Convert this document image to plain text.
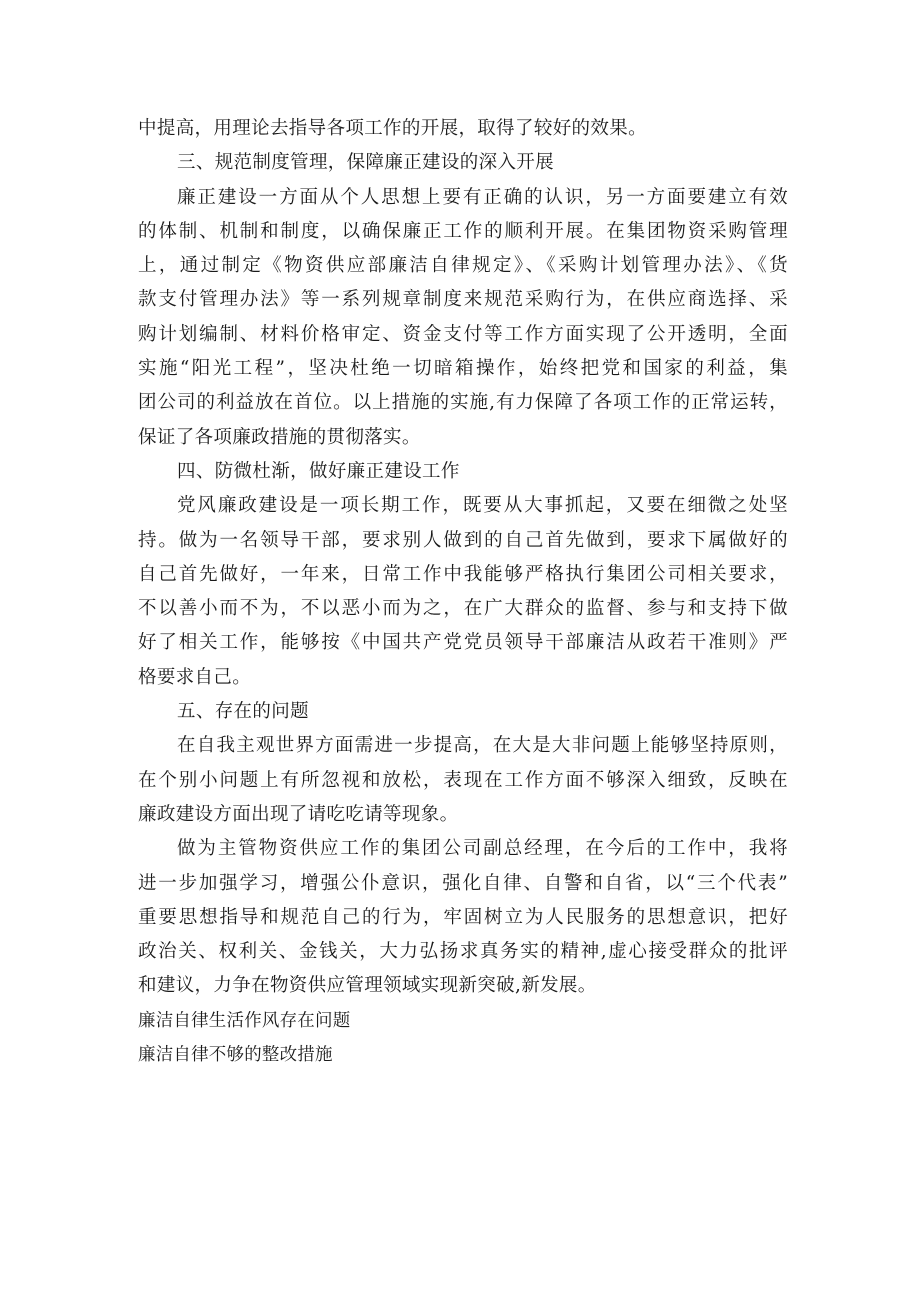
中提高，用理论去指导各项工作的开展，取得了较好的效果。
三、规范制度管理，保障廉正建设的深入开展
廉正建设一方面从个人思想上要有正确的认识，另一方面要建立有效
的体制、机制和制度，以确保廉正工作的顺利开展。在集团物资采购管理
上，通过制定《物资供应部廉洁自律规定》、《采购计划管理办法》、《货
款支付管理办法》等一系列规章制度来规范采购行为，在供应商选择、采
购计划编制、材料价格审定、资金支付等工作方面实现了公开透明，全面
实施“阳光工程”，坚决杜绝一切暗箱操作，始终把党和国家的利益，集
团公司的利益放在首位。以上措施的实施,有力保障了各项工作的正常运转，
保证了各项廉政措施的贯彻落实。
四、防微杜渐，做好廉正建设工作
党风廉政建设是一项长期工作，既要从大事抓起，又要在细微之处坚
持。做为一名领导干部，要求别人做到的自己首先做到，要求下属做好的
自己首先做好，一年来，日常工作中我能够严格执行集团公司相关要求，
不以善小而不为，不以恶小而为之，在广大群众的监督、参与和支持下做
好了相关工作，能够按《中国共产党党员领导干部廉洁从政若干准则》严
格要求自己。
五、存在的问题
在自我主观世界方面需进一步提高，在大是大非问题上能够坚持原则，
在个别小问题上有所忽视和放松，表现在工作方面不够深入细致，反映在
廉政建设方面出现了请吃吃请等现象。
做为主管物资供应工作的集团公司副总经理，在今后的工作中，我将
进一步加强学习，增强公仆意识，强化自律、自警和自省，以“三个代表”
重要思想指导和规范自己的行为，牢固树立为人民服务的思想意识，把好
政治关、权利关、金钱关，大力弘扬求真务实的精神,虚心接受群众的批评
和建议，力争在物资供应管理领域实现新突破,新发展。
廉洁自律生活作风存在问题
廉洁自律不够的整改措施
